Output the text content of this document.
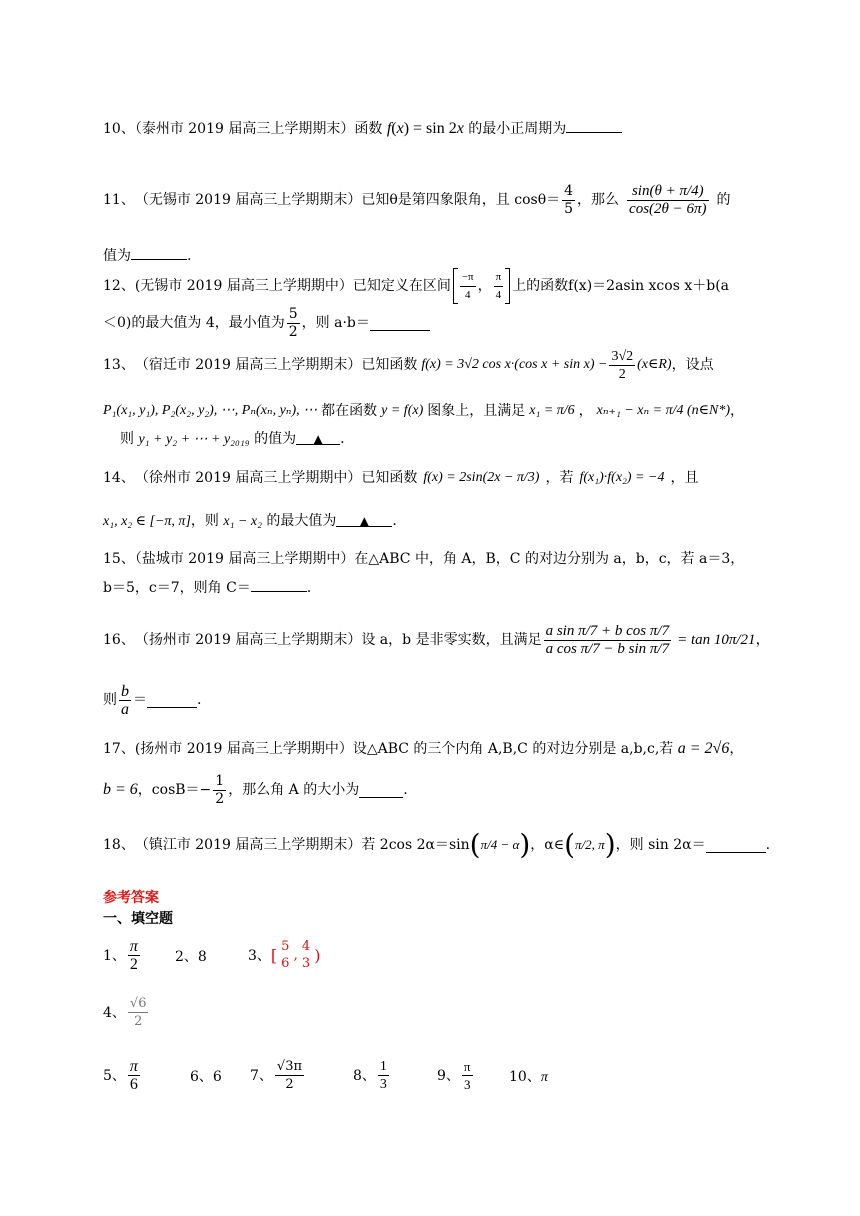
10、（泰州市 2019 届高三上学期期末）函数 f(x) = sin 2x 的最小正周期为
11、 （无锡市 2019 届高三上学期期末） 已知θ是第四象限角，且 $\cos\theta= \frac{4}{5}$ ，那么 $\frac{\sin(\theta + \pi/4)}{\cos(2\theta - 6\pi)}$ 的
值为	.
12、 (无锡市 2019 届高三上学期期中） 已知定义在区间 $\frac{-\pi}{4}$ ， $\frac{\pi}{4}$ 上的函数 f(x)＝2asin xcos x＋b(a
＜0)的最大值为 4，最小值为 $\frac{5}{2}$ ，则 a·b＝
13、 （宿迁市 2019 届高三上学期期末） 已知函数 f(x) = 3√2 cos x·(cos $x + \sin x) - \frac{3√2}{2}$ (x∈R) ，设点
P₁(x₁, y₁), P₂(x₂, y₂), ⋯, Pₙ(xₙ, yₙ), ⋯ 都在函数 y = f(x) 图象上，且满足 x₁ = π/6 ， xₙ₊₁ − xₙ = π/4 (n∈N*) ，
则 y₁ + y₂ + ⋯ + y₂₀₁₉ 的值为 ▲ .
14、 （徐州市 2019 届高三上学期期中） 已知函数 f(x) = 2sin(2x − π/3) ，若 f(x₁)·f(x₂) = −4 ，且
x₁, x₂ ∈ [−π, π]，则 x₁ − x₂ 的最大值为 ▲ .
15、（盐城市 2019 届高三上学期期中）在△ABC 中，角 A，B，C 的对边分别为 a，b，c，若 a＝3，
b＝5，c＝7，则角 C＝	.
16、 （扬州市 2019 届高三上学期期末） 设 a，b 是非零实数，且满足 $\frac{\text{a sin π/7 + b cos π/7}}{\text{a cos π/7 − b sin π/7}} = \tan 10\pi/21$ ，
则 $\frac{b}{a}$ ＝	.
17、(扬州市 2019 届高三上学期期中）设△ABC 的三个内角 A,B,C 的对边分别是 a,b,c,若 a = 2√6，
b = 6 ，$\cos B=- \frac{1}{2}$ ，那么角 A 的大小为	.
18、 （镇江市 2019 届高三上学期期末） 若 2cos 2α＝sin ( π/4 − α ) ，α∈ ( π/2, π ) ，则 sin 2α＝	.
参考答案
一、填空题
1、 $\frac{\pi}{2}$	2、8	3、 [ 5
6
,
4
3 )
4、 $\frac{√6}{2}$
5、 $\frac{\pi}{6}$	6、6 7、 $\frac{√3\pi}{2}$	8、 $\frac{1}{3}$	9、 $\frac{\pi}{3}$	10、π
